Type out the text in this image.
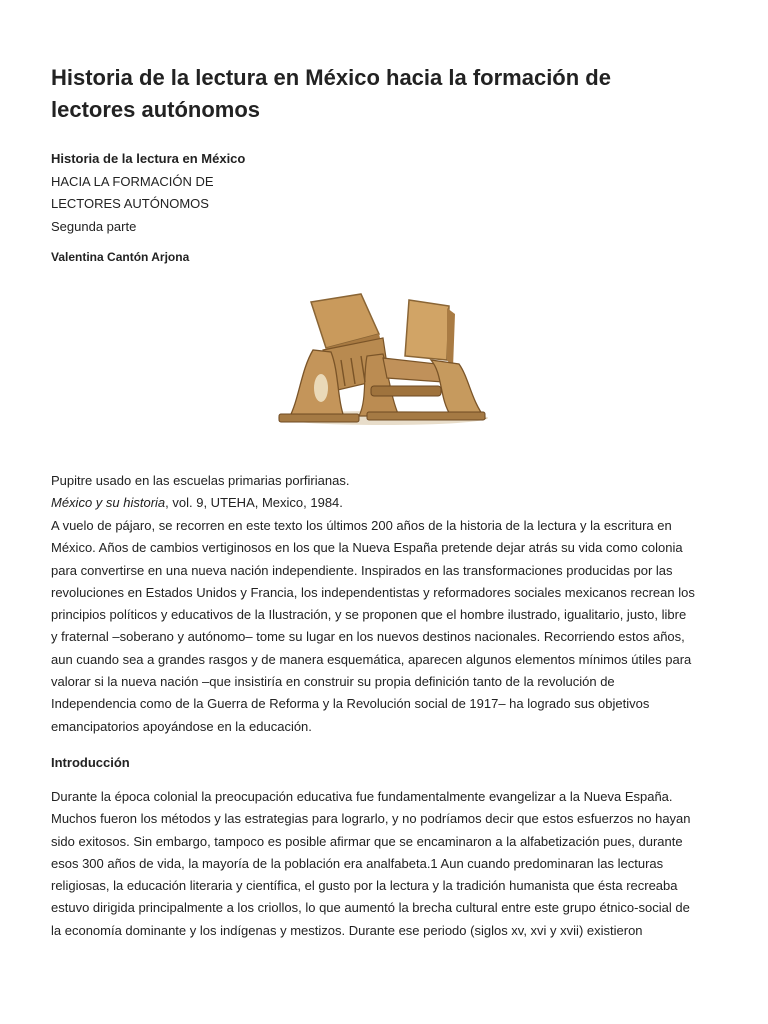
Historia de la lectura en México hacia la formación de
lectores autónomos
Historia de la lectura en México
HACIA LA FORMACIÓN DE
LECTORES AUTÓNOMOS
Segunda parte
Valentina Cantón Arjona
Pupitre usado en las escuelas primarias porfirianas.
México y su historia, vol. 9, UTEHA, Mexico, 1984.

A vuelo de pájaro, se recorren en este texto los últimos 200 años de la historia de la lectura y la escritura en
México. Años de cambios vertiginosos en los que la Nueva España pretende dejar atrás su vida como colonia
para convertirse en una nueva nación independiente. Inspirados en las transformaciones producidas por las
revoluciones en Estados Unidos y Francia, los independentistas y reformadores sociales mexicanos recrean los
principios políticos y educativos de la Ilustración, y se proponen que el hombre ilustrado, igualitario, justo, libre
y fraternal –soberano y autónomo– tome su lugar en los nuevos destinos nacionales. Recorriendo estos años,
aun cuando sea a grandes rasgos y de manera esquemática, aparecen algunos elementos mínimos útiles para
valorar si la nueva nación –que insistiría en construir su propia definición tanto de la revolución de
Independencia como de la Guerra de Reforma y la Revolución social de 1917– ha logrado sus objetivos
emancipatorios apoyándose en la educación.

Introducción

Durante la época colonial la preocupación educativa fue fundamentalmente evangelizar a la Nueva España.
Muchos fueron los métodos y las estrategias para lograrlo, y no podríamos decir que estos esfuerzos no hayan
sido exitosos. Sin embargo, tampoco es posible afirmar que se encaminaron a la alfabetización pues, durante
esos 300 años de vida, la mayoría de la población era analfabeta.1 Aun cuando predominaran las lecturas
religiosas, la educación literaria y científica, el gusto por la lectura y la tradición humanista que ésta recreaba
estuvo dirigida principalmente a los criollos, lo que aumentó la brecha cultural entre este grupo étnico-social de
la economía dominante y los indígenas y mestizos. Durante ese periodo (siglos xv, xvi y xvii) existieron
